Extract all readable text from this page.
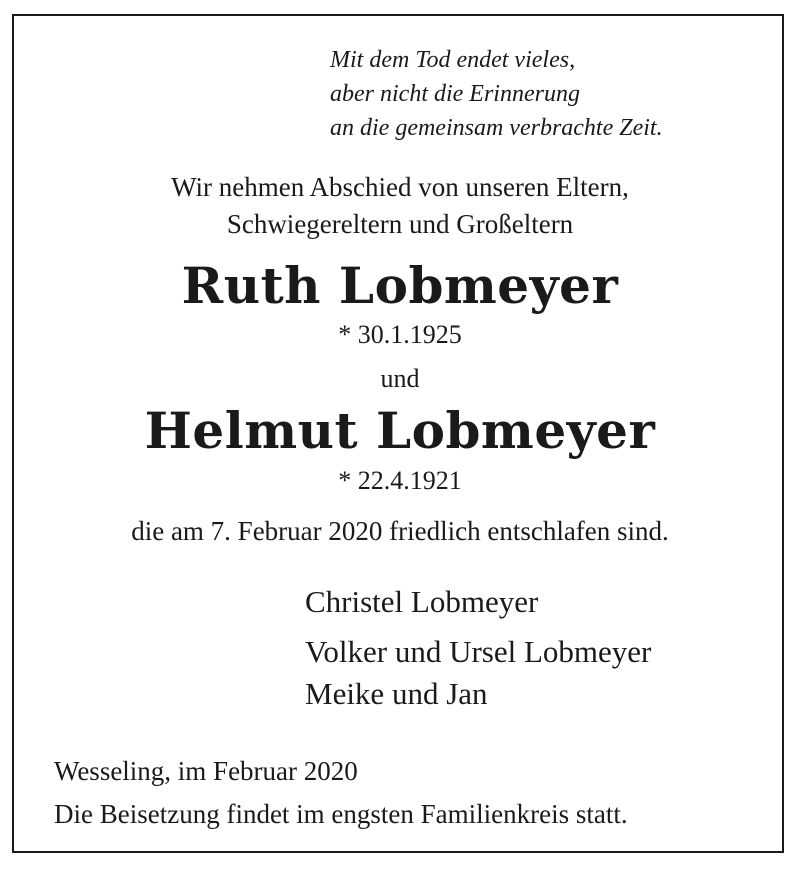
Mit dem Tod endet vieles,
aber nicht die Erinnerung
an die gemeinsam verbrachte Zeit.
Wir nehmen Abschied von unseren Eltern,
Schwiegereltern und Großeltern
Ruth Lobmeyer
* 30.1.1925
und
Helmut Lobmeyer
* 22.4.1921
die am 7. Februar 2020 friedlich entschlafen sind.
Christel Lobmeyer
Volker und Ursel Lobmeyer
Meike und Jan
Wesseling, im Februar 2020
Die Beisetzung findet im engsten Familienkreis statt.
